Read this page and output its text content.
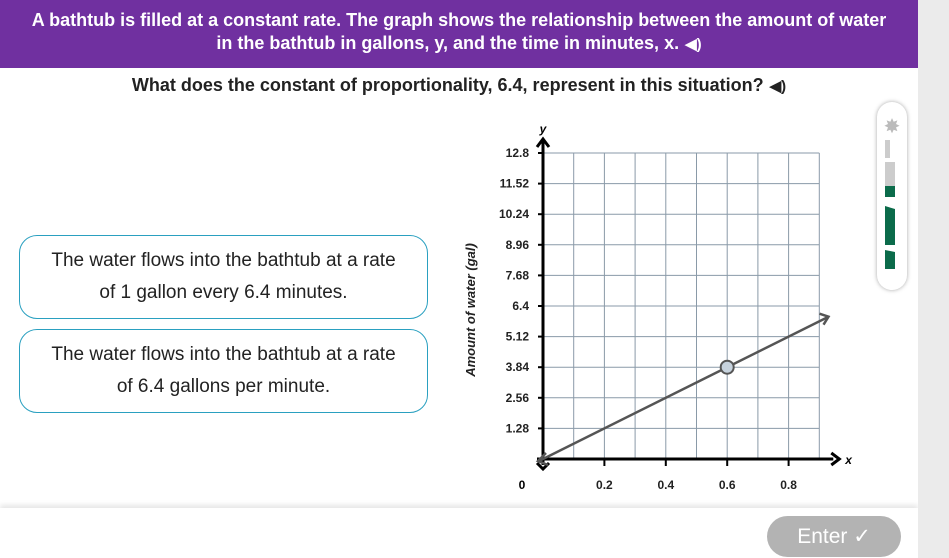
A bathtub is filled at a constant rate. The graph shows the relationship between the amount of water
in the bathtub in gallons, y, and the time in minutes, x. ◀)
What does the constant of proportionality, 6.4, represent in this situation? ◀)
The water flows into the bathtub at a rate
of 1 gallon every 6.4 minutes.
The water flows into the bathtub at a rate
of 6.4 gallons per minute.
Amount of water (gal)
x
y
1.28
2.56
3.84
5.12
6.4
7.68
8.96
10.24
11.52
12.8
0.2	0.4	0.6	0.8
0
Enter ✓
✸
